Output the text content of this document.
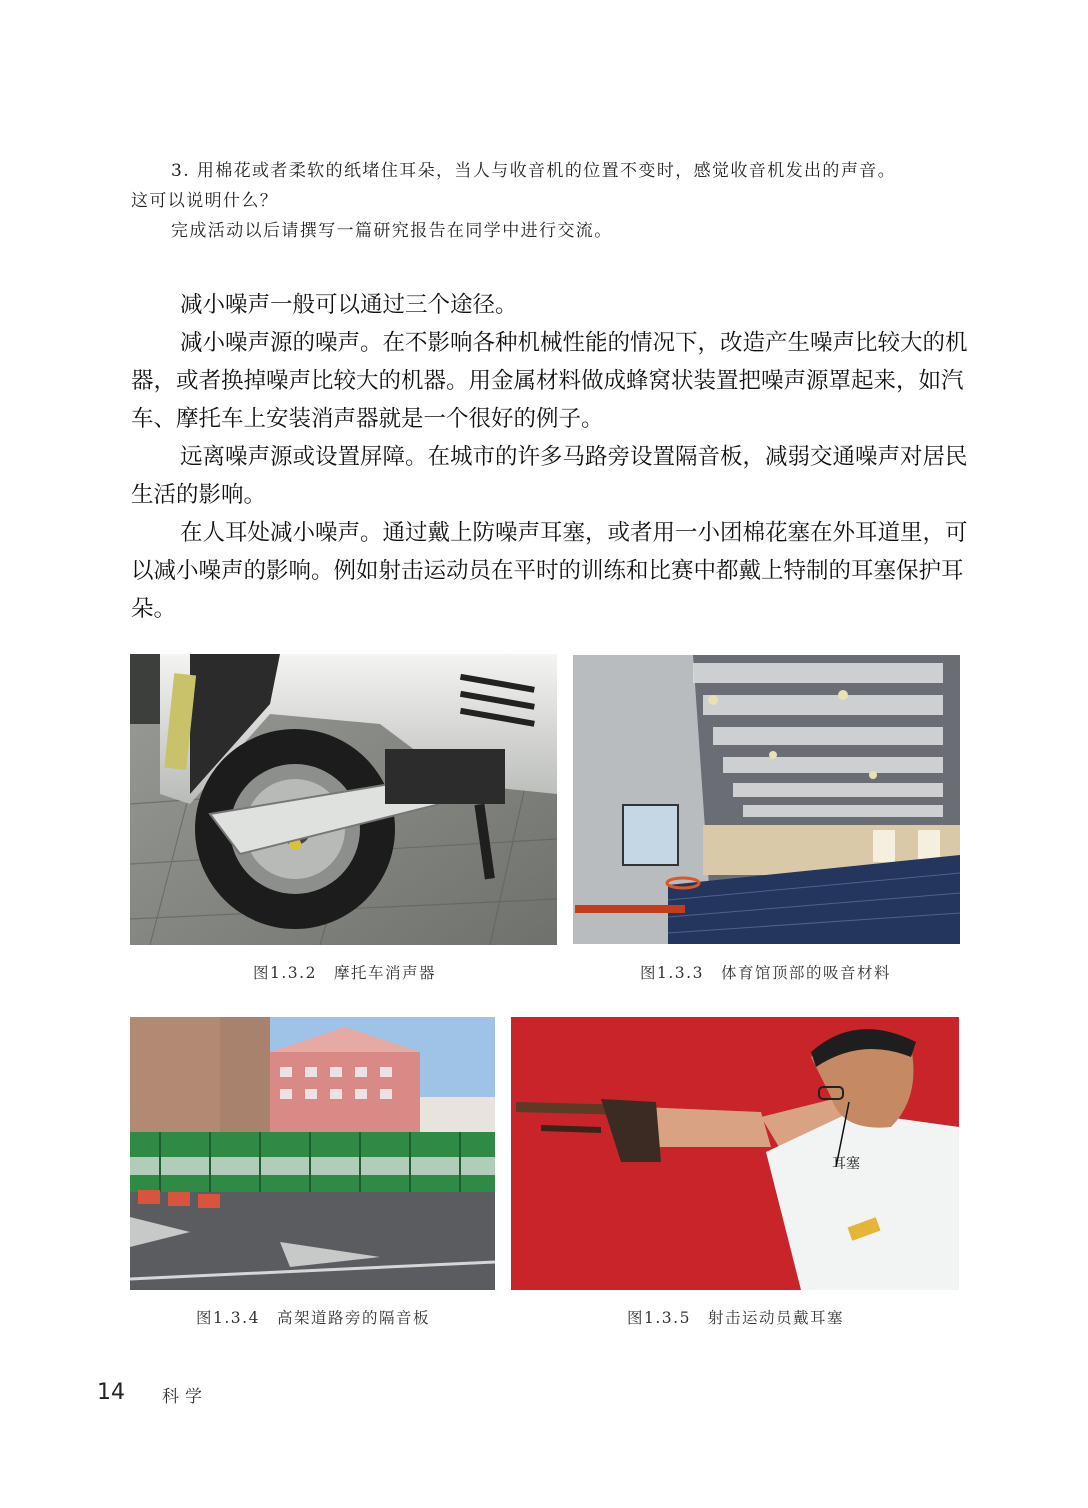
3. 用棉花或者柔软的纸堵住耳朵，当人与收音机的位置不变时，感觉收音机发出的声音。
这可以说明什么？
完成活动以后请撰写一篇研究报告在同学中进行交流。

减小噪声一般可以通过三个途径。

减小噪声源的噪声。在不影响各种机械性能的情况下，改造产生噪声比较大的机器，或者换掉噪声比较大的机器。用金属材料做成蜂窝状装置把噪声源罩起来，如汽车、摩托车上安装消声器就是一个很好的例子。

远离噪声源或设置屏障。在城市的许多马路旁设置隔音板，减弱交通噪声对居民生活的影响。

在人耳处减小噪声。通过戴上防噪声耳塞，或者用一小团棉花塞在外耳道里，可以减小噪声的影响。例如射击运动员在平时的训练和比赛中都戴上特制的耳塞保护耳朵。

图1.3.2　摩托车消声器	图1.3.3　体育馆顶部的吸音材料
图1.3.4　高架道路旁的隔音板
耳塞
图1.3.5　射击运动员戴耳塞
14 科学
